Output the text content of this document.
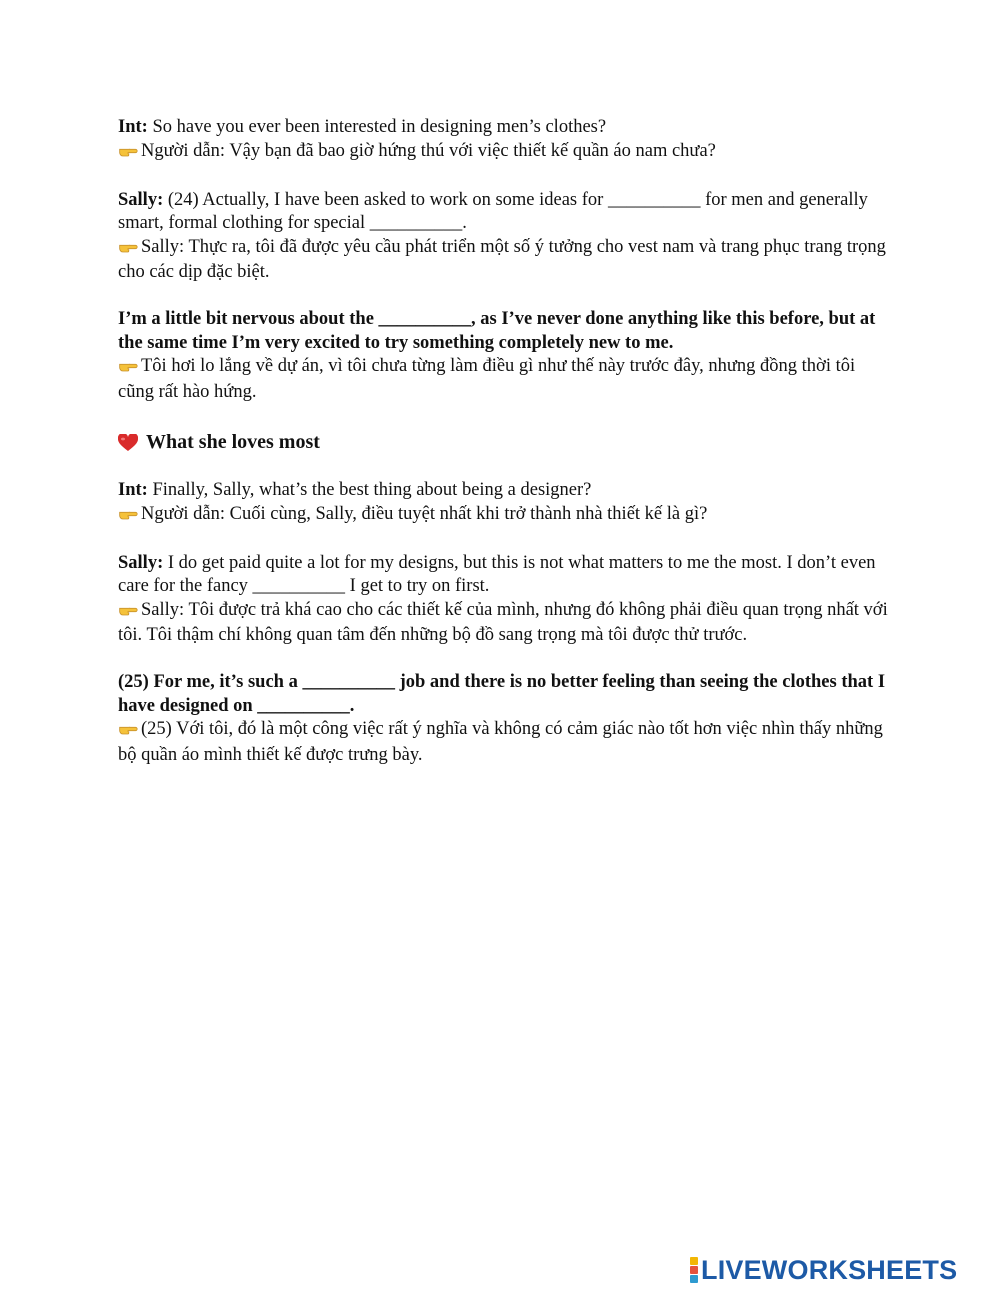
Int: So have you ever been interested in designing men’s clothes?

Người dẫn: Vậy bạn đã bao giờ hứng thú với việc thiết kế quần áo nam chưa?

Sally: (24) Actually, I have been asked to work on some ideas for __________ for men and generally smart, formal clothing for special __________.

Sally: Thực ra, tôi đã được yêu cầu phát triển một số ý tưởng cho vest nam và trang phục trang trọng cho các dịp đặc biệt.

I’m a little bit nervous about the __________, as I’ve never done anything like this before, but at the same time I’m very excited to try something completely new to me.

Tôi hơi lo lắng về dự án, vì tôi chưa từng làm điều gì như thế này trước đây, nhưng đồng thời tôi cũng rất hào hứng.

What she loves most

Int: Finally, Sally, what’s the best thing about being a designer?

Người dẫn: Cuối cùng, Sally, điều tuyệt nhất khi trở thành nhà thiết kế là gì?

Sally: I do get paid quite a lot for my designs, but this is not what matters to me the most. I don’t even care for the fancy __________ I get to try on first.

Sally: Tôi được trả khá cao cho các thiết kế của mình, nhưng đó không phải điều quan trọng nhất với tôi. Tôi thậm chí không quan tâm đến những bộ đồ sang trọng mà tôi được thử trước.

(25) For me, it’s such a __________ job and there is no better feeling than seeing the clothes that I have designed on __________.

(25) Với tôi, đó là một công việc rất ý nghĩa và không có cảm giác nào tốt hơn việc nhìn thấy những bộ quần áo mình thiết kế được trưng bày.

LIVEWORKSHEETS
